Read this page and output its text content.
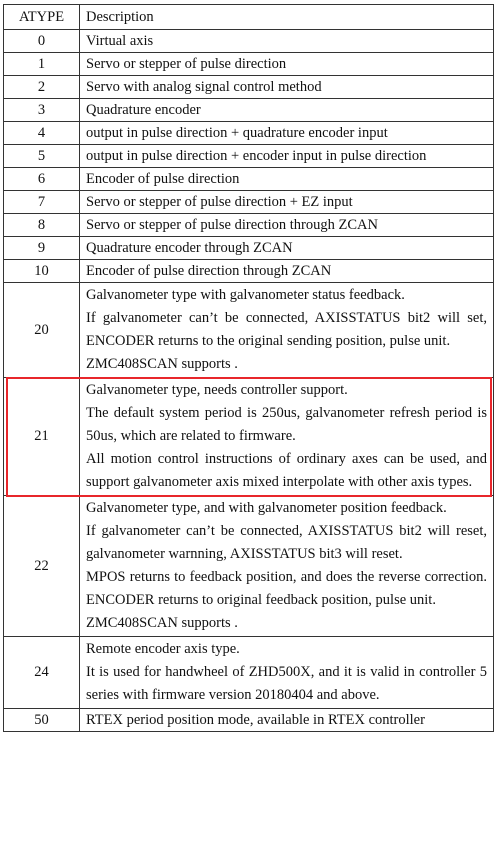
ATYPE	Description
0	Virtual axis

1	Servo or stepper of pulse direction

2	Servo with analog signal control method

3	Quadrature encoder

4	output in pulse direction + quadrature encoder input

5	output in pulse direction + encoder input in pulse direction

6	Encoder of pulse direction

7	Servo or stepper of pulse direction + EZ input

8	Servo or stepper of pulse direction through ZCAN

9	Quadrature encoder through ZCAN

10	Encoder of pulse direction through ZCAN

20	Galvanometer type with galvanometer status feedback.
If galvanometer can’t be connected, AXISSTATUS bit2 will set, ENCODER returns to the original sending position, pulse unit.
ZMC408SCAN supports .

21	Galvanometer type, needs controller support.
The default system period is 250us, galvanometer refresh period is 50us, which are related to firmware.
All motion control instructions of ordinary axes can be used, and support galvanometer axis mixed interpolate with other axis types.

22	Galvanometer type, and with galvanometer position feedback.
If galvanometer can’t be connected, AXISSTATUS bit2 will reset, galvanometer warnning, AXISSTATUS bit3 will reset.
MPOS returns to feedback position, and does the reverse correction. ENCODER returns to original feedback position, pulse unit.
ZMC408SCAN supports .

24	Remote encoder axis type.
It is used for handwheel of ZHD500X, and it is valid in controller 5 series with firmware version 20180404 and above.

50	RTEX period position mode, available in RTEX controller
